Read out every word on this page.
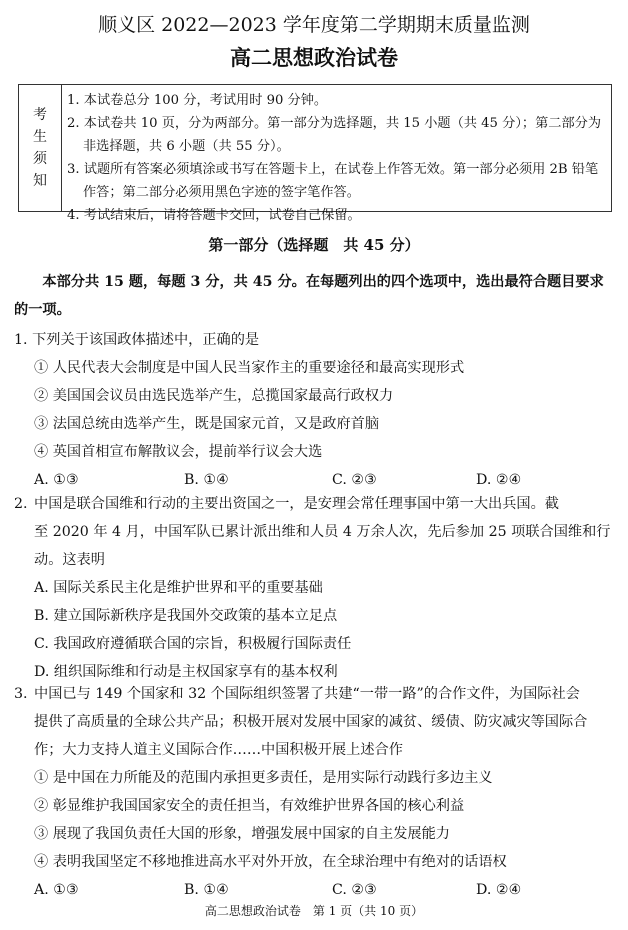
顺义区 2022—2023 学年度第二学期期末质量监测
高二思想政治试卷
考
生
须
知
1. 本试卷总分 100 分，考试用时 90 分钟。
2. 本试卷共 10 页，分为两部分。第一部分为选择题，共 15 小题（共 45 分）；第二部分为非选择题，共 6 小题（共 55 分）。
3. 试题所有答案必须填涂或书写在答题卡上，在试卷上作答无效。第一部分必须用 2B 铅笔作答；第二部分必须用黑色字迹的签字笔作答。
4. 考试结束后，请将答题卡交回，试卷自己保留。
第一部分（选择题　共 45 分）
本部分共 15 题，每题 3 分，共 45 分。在每题列出的四个选项中，选出最符合题目要求的一项。
1. 下列关于该国政体描述中，正确的是
① 人民代表大会制度是中国人民当家作主的重要途径和最高实现形式
② 美国国会议员由选民选举产生，总揽国家最高行政权力
③ 法国总统由选举产生，既是国家元首，又是政府首脑
④ 英国首相宣布解散议会，提前举行议会大选
A. ①③	B. ①④	C. ②③	D. ②④
2. 中国是联合国维和行动的主要出资国之一，是安理会常任理事国中第一大出兵国。截
至 2020 年 4 月，中国军队已累计派出维和人员 4 万余人次，先后参加 25 项联合国维和行
动。这表明
A. 国际关系民主化是维护世界和平的重要基础
B. 建立国际新秩序是我国外交政策的基本立足点
C. 我国政府遵循联合国的宗旨，积极履行国际责任
D. 组织国际维和行动是主权国家享有的基本权利
3. 中国已与 149 个国家和 32 个国际组织签署了共建“一带一路”的合作文件，为国际社会
提供了高质量的全球公共产品；积极开展对发展中国家的减贫、缓债、防灾减灾等国际合
作；大力支持人道主义国际合作……中国积极开展上述合作
① 是中国在力所能及的范围内承担更多责任，是用实际行动践行多边主义
② 彰显维护我国国家安全的责任担当，有效维护世界各国的核心利益
③ 展现了我国负责任大国的形象，增强发展中国家的自主发展能力
④ 表明我国坚定不移地推进高水平对外开放，在全球治理中有绝对的话语权
A. ①③	B. ①④	C. ②③	D. ②④
高二思想政治试卷　第 1 页（共 10 页）
